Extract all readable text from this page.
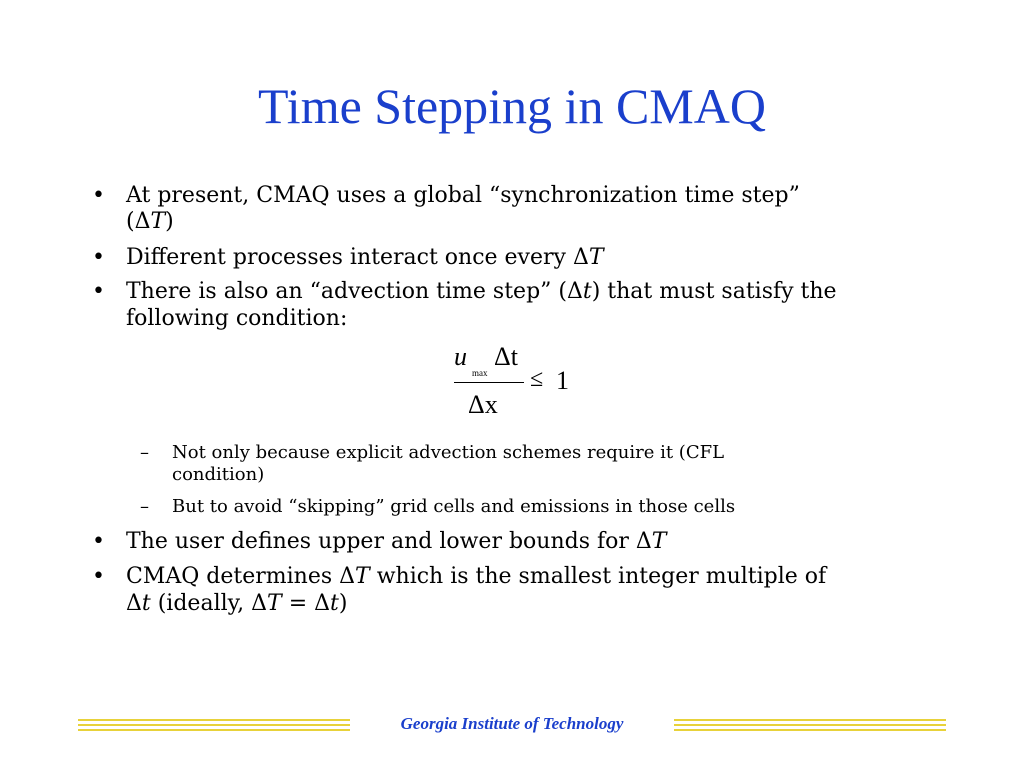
Time Stepping in CMAQ
• At present, CMAQ uses a global “synchronization time step”
(ΔT)
• Different processes interact once every ΔT
• There is also an “advection time step” (Δt) that must satisfy the
following condition:
– Not only because explicit advection schemes require it (CFL
condition)
– But to avoid “skipping” grid cells and emissions in those cells
• The user defines upper and lower bounds for ΔT
• CMAQ determines ΔT which is the smallest integer multiple of
Δt (ideally, ΔT = Δt)
u
max
Δt
Δx
≤ 1
Georgia Institute of Technology
